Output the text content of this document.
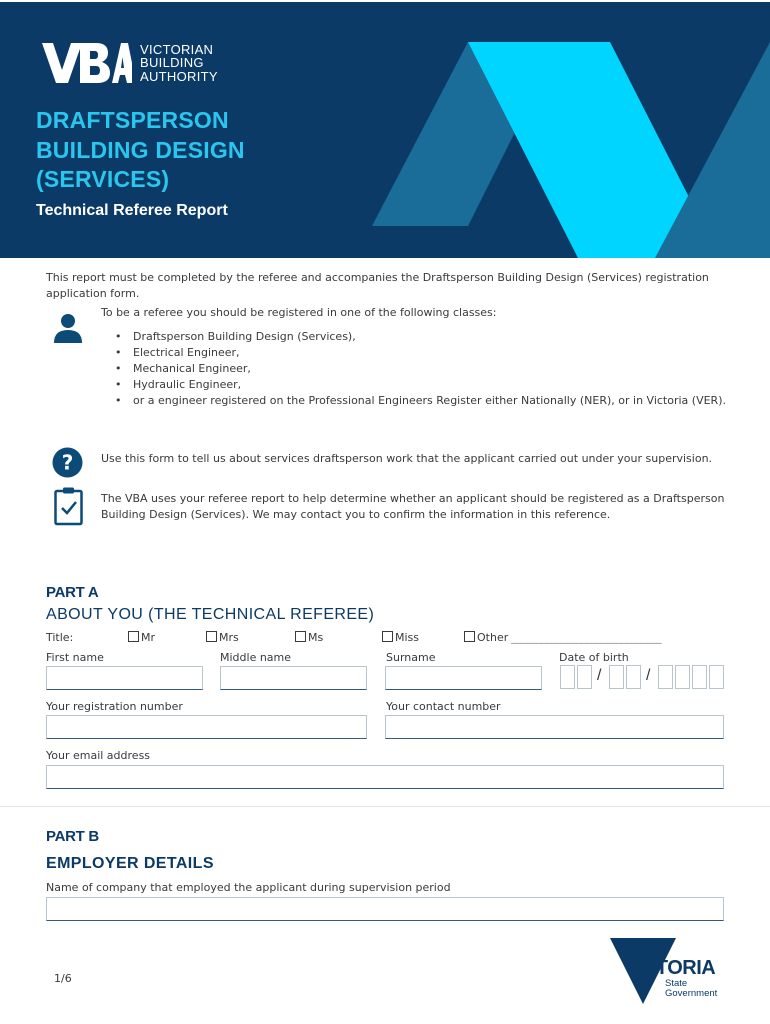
VICTORIAN
BUILDING
AUTHORITY
DRAFTSPERSON
BUILDING DESIGN
(SERVICES)
Technical Referee Report

This report must be completed by the referee and accompanies the Draftsperson Building Design (Services) registration application form.

To be a referee you should be registered in one of the following classes:

• Draftsperson Building Design (Services),
• Electrical Engineer,
• Mechanical Engineer,
• Hydraulic Engineer,
• or a engineer registered on the Professional Engineers Register either Nationally (NER), or in Victoria (VER).
?	Use this form to tell us about services draftsperson work that the applicant carried out under your supervision.

The VBA uses your referee report to help determine whether an applicant should be registered as a Draftsperson Building Design (Services). We may contact you to confirm the information in this reference.

PART A
ABOUT YOU (THE TECHNICAL REFEREE)
Title:	Mr	Mrs	Ms	Miss	Other ______________________________
First name	Middle name	Surname	Date of birth
/	/
Your registration number	Your contact number
Your email address
PART B
EMPLOYER DETAILS
Name of company that employed the applicant during supervision period
1/6	VICTORIA
State
Government
